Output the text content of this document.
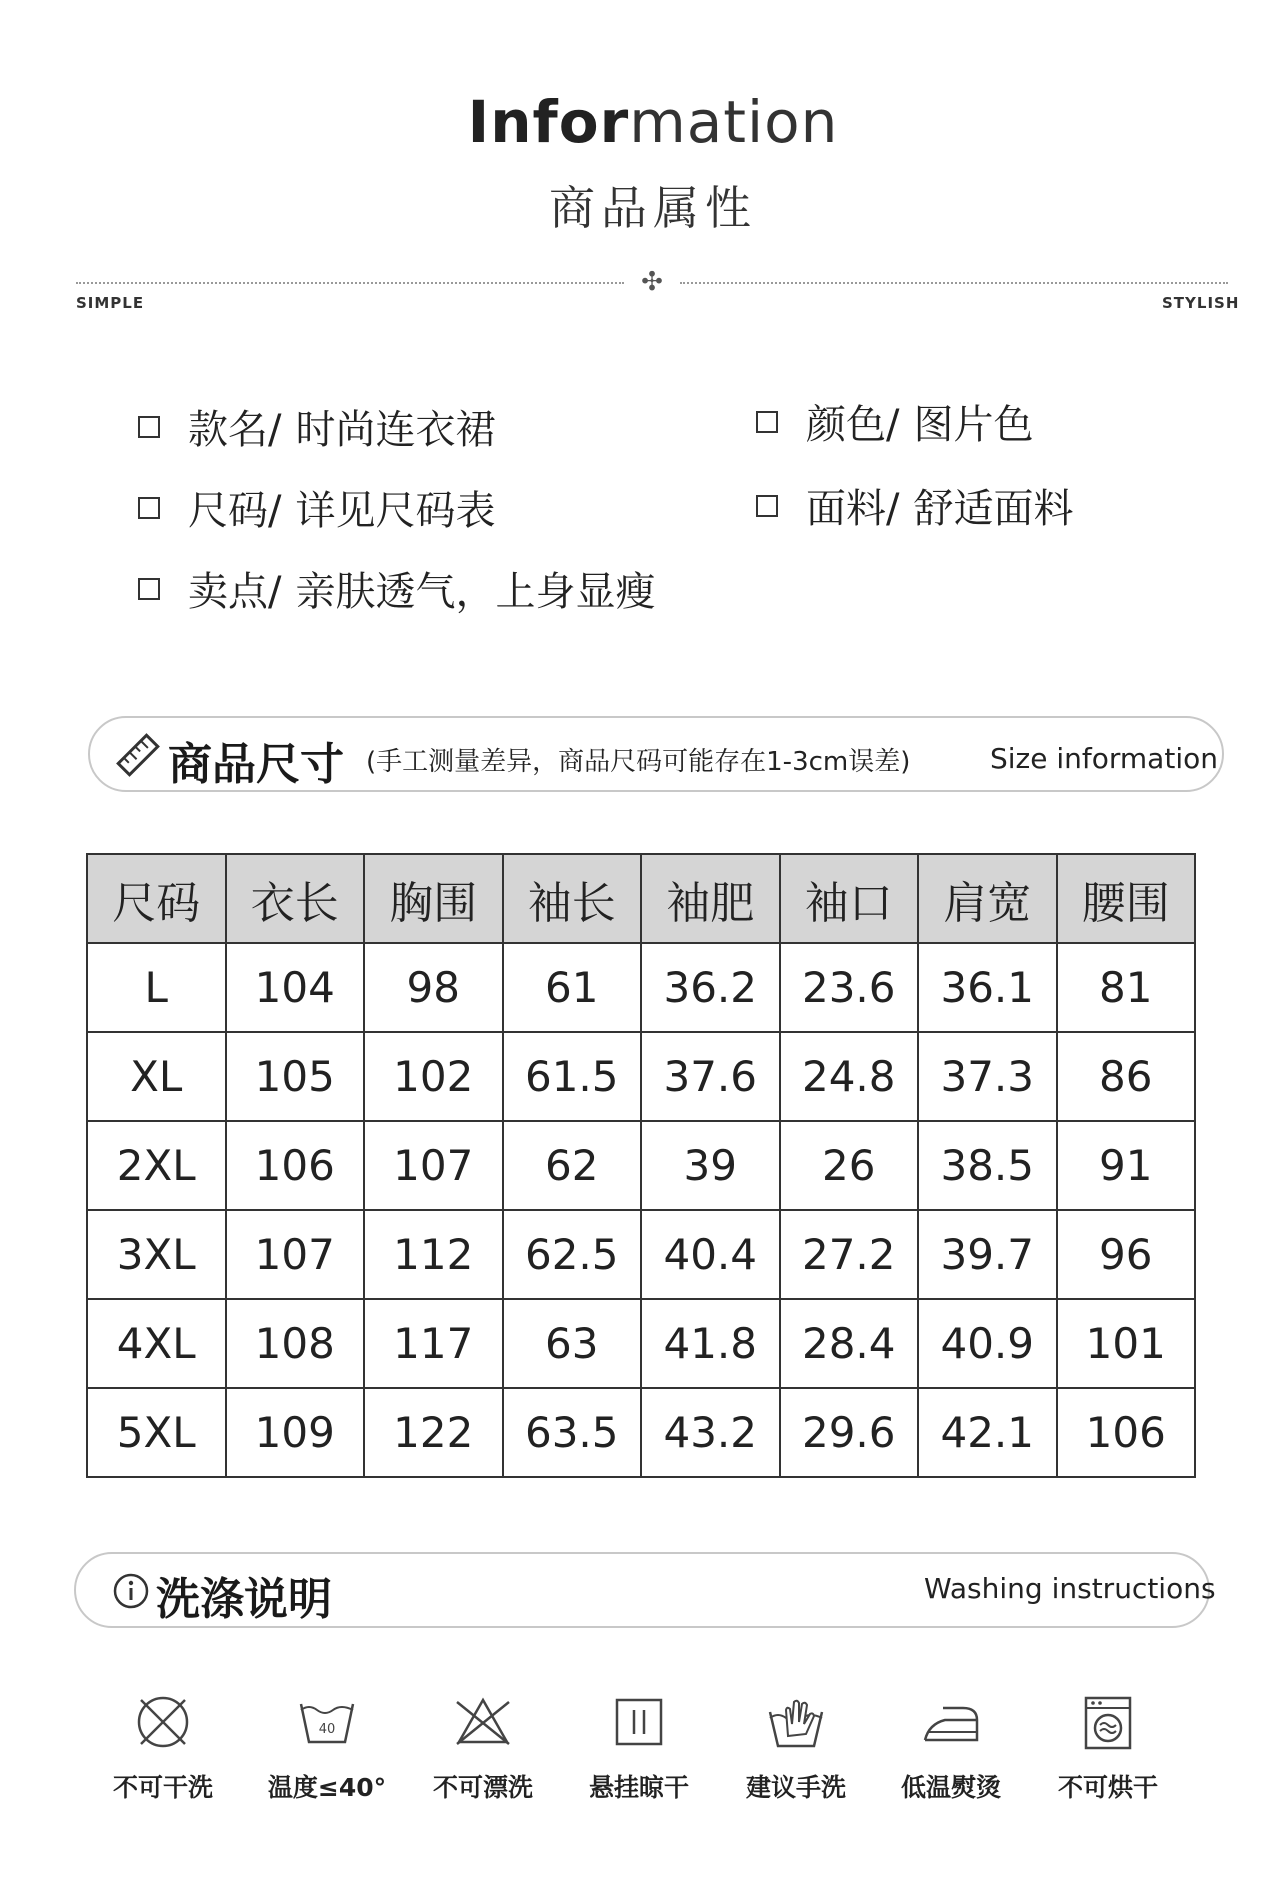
Information
商品属性
✣
SIMPLE	STYLISH
款名/ 时尚连衣裙	颜色/ 图片色
尺码/ 详见尺码表	面料/ 舒适面料
卖点/ 亲肤透气，上身显瘦
商品尺寸 (手工测量差异，商品尺码可能存在1-3cm误差)	Size information
尺码	衣长	胸围	袖长	袖肥	袖口	肩宽	腰围
L	104	98	61	36.2	23.6	36.1	81
XL	105	102	61.5	37.6	24.8	37.3	86
2XL	106	107	62	39	26	38.5	91
3XL	107	112	62.5	40.4	27.2	39.7	96
4XL	108	117	63	41.8	28.4	40.9	101
5XL	109	122	63.5	43.2	29.6	42.1	106
洗涤说明	Washing instructions
不可干洗
40
温度≤40°	不可漂洗	悬挂晾干	建议手洗	低温熨烫	不可烘干
